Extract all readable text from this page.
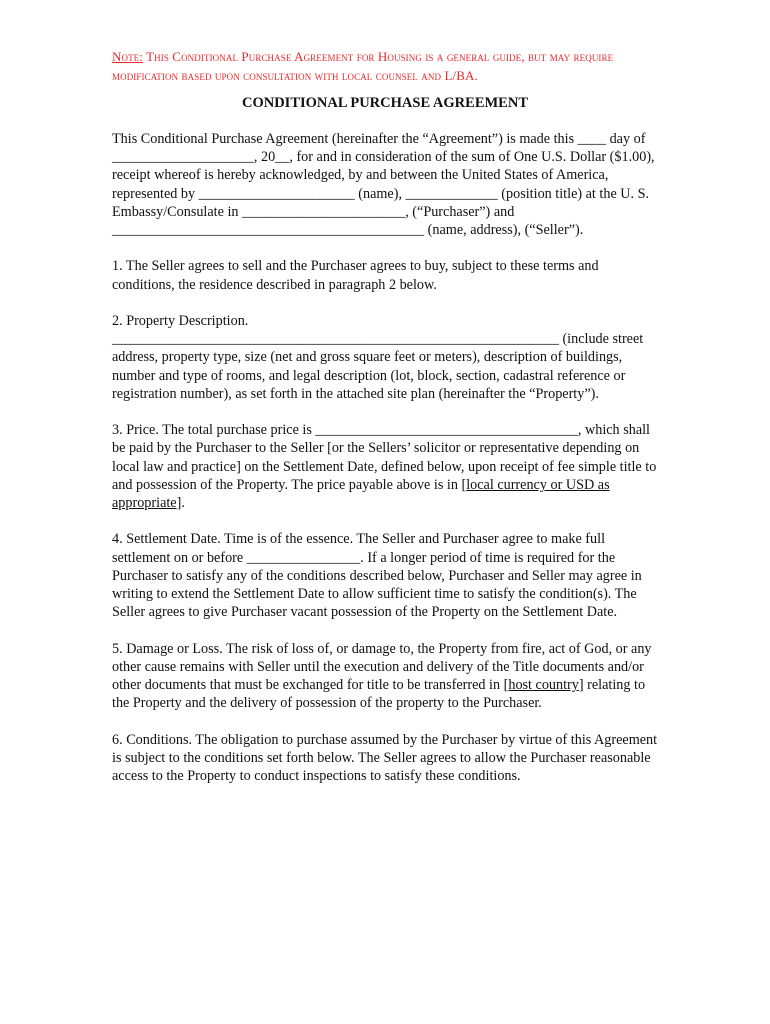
Note: This Conditional Purchase Agreement for Housing is a general guide, but may require modification based upon consultation with local counsel and L/BA.
CONDITIONAL PURCHASE AGREEMENT

This Conditional Purchase Agreement (hereinafter the “Agreement”) is made this ____ day of ____________________, 20__, for and in consideration of the sum of One U.S. Dollar ($1.00), receipt whereof is hereby acknowledged, by and between the United States of America, represented by ______________________ (name), _____________ (position title) at the U. S. Embassy/Consulate in _______________________, (“Purchaser”) and ____________________________________________ (name, address), (“Seller”).

1. The Seller agrees to sell and the Purchaser agrees to buy, subject to these terms and conditions, the residence described in paragraph 2 below.

2. Property Description.
_______________________________________________________________ (include street address, property type, size (net and gross square feet or meters), description of buildings, number and type of rooms, and legal description (lot, block, section, cadastral reference or registration number), as set forth in the attached site plan (hereinafter the “Property”).

3. Price. The total purchase price is _____________________________________, which shall be paid by the Purchaser to the Seller [or the Sellers’ solicitor or representative depending on local law and practice] on the Settlement Date, defined below, upon receipt of fee simple title to and possession of the Property. The price payable above is in [local currency or USD as appropriate].

4. Settlement Date. Time is of the essence. The Seller and Purchaser agree to make full settlement on or before ________________. If a longer period of time is required for the Purchaser to satisfy any of the conditions described below, Purchaser and Seller may agree in writing to extend the Settlement Date to allow sufficient time to satisfy the condition(s). The Seller agrees to give Purchaser vacant possession of the Property on the Settlement Date.

5. Damage or Loss. The risk of loss of, or damage to, the Property from fire, act of God, or any other cause remains with Seller until the execution and delivery of the Title documents and/or other documents that must be exchanged for title to be transferred in [host country] relating to the Property and the delivery of possession of the property to the Purchaser.

6. Conditions. The obligation to purchase assumed by the Purchaser by virtue of this Agreement is subject to the conditions set forth below. The Seller agrees to allow the Purchaser reasonable access to the Property to conduct inspections to satisfy these conditions.
